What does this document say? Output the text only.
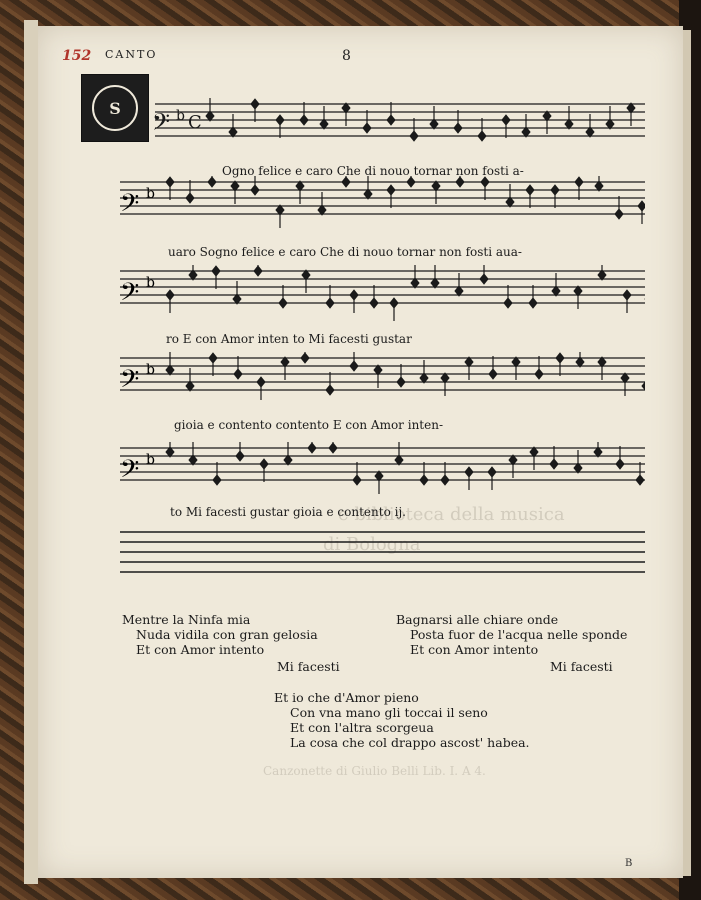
e biblioteca della musica
di Bologna
Canzonette di Giulio Belli Lib. I. A 4.
152 CANTO	8
S
𝄢 b
𝄢 b
𝄢 b
𝄢 b
𝄢 b C
Ogno felice e caro Che di nouo tornar non fosti a-
uaro Sogno felice e caro Che di nouo tornar non fosti aua-
ro E con Amor inten to Mi facesti gustar
gioia e contento contento E con Amor inten-
to Mi facesti gustar gioia e contento ij.
Mentre la Ninfa mia
Nuda vidila con gran gelosia
Et con Amor intento
Mi facesti
Bagnarsi alle chiare onde
Posta fuor de l'acqua nelle sponde
Et con Amor intento
Mi facesti
Et io che d'Amor pieno
Con vna mano gli toccai il seno
Et con l'altra scorgeua
La cosa che col drappo ascost' habea.
B
